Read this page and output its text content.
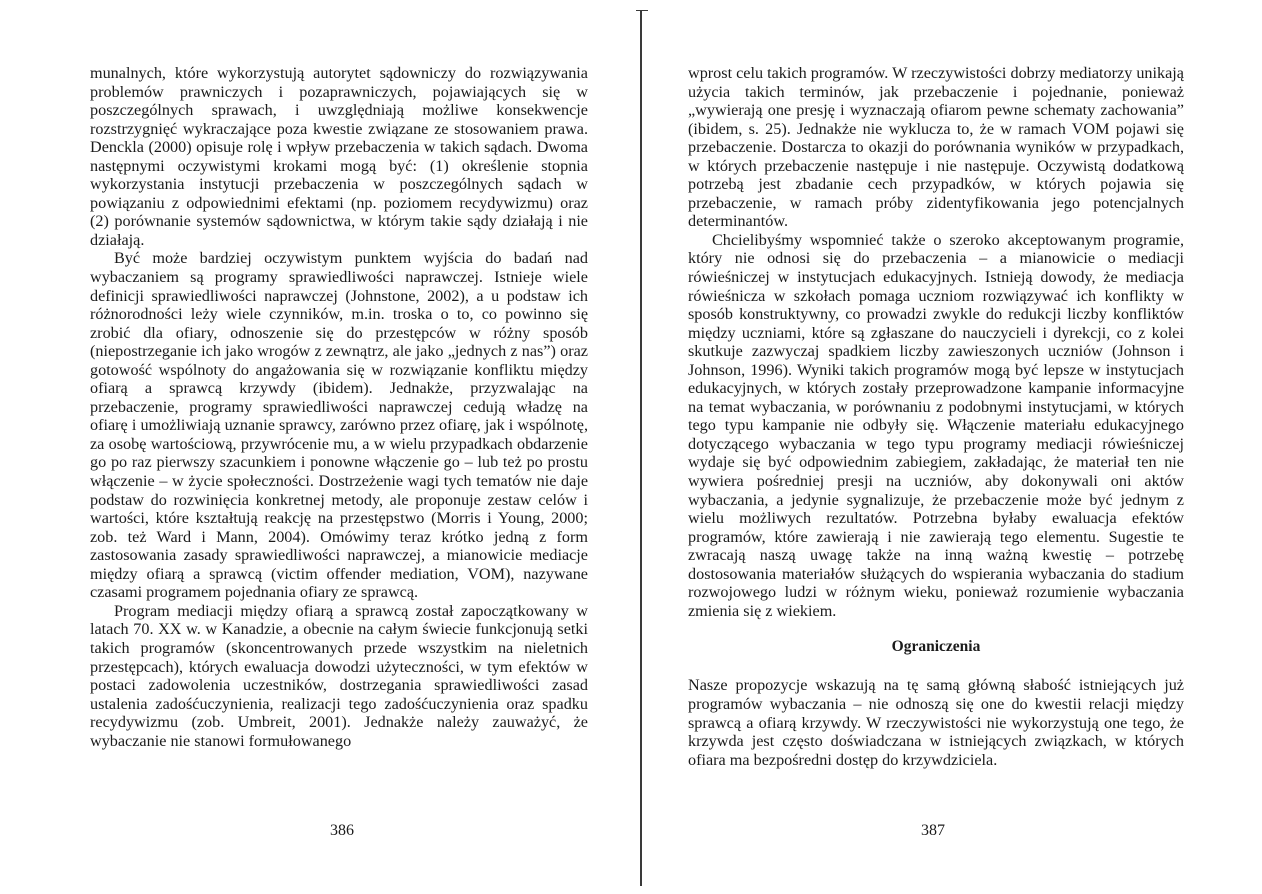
munalnych, które wykorzystują autorytet sądowniczy do rozwiązywania problemów prawniczych i pozaprawniczych, pojawiających się w poszczególnych sprawach, i uwzględniają możliwe konsekwencje rozstrzygnięć wykraczające poza kwestie związane ze stosowaniem prawa. Denckla (2000) opisuje rolę i wpływ przebaczenia w takich sądach. Dwoma następnymi oczywistymi krokami mogą być: (1) określenie stopnia wykorzystania instytucji przebaczenia w poszczególnych sądach w powiązaniu z odpowiednimi efektami (np. poziomem recydywizmu) oraz (2) porównanie systemów sądownictwa, w którym takie sądy działają i nie działają.

Być może bardziej oczywistym punktem wyjścia do badań nad wybaczaniem są programy sprawiedliwości naprawczej. Istnieje wiele definicji sprawiedliwości naprawczej (Johnstone, 2002), a u podstaw ich różnorodności leży wiele czynników, m.in. troska o to, co powinno się zrobić dla ofiary, odnoszenie się do przestępców w różny sposób (niepostrzeganie ich jako wrogów z zewnątrz, ale jako „jednych z nas”) oraz gotowość wspólnoty do angażowania się w rozwiązanie konfliktu między ofiarą a sprawcą krzywdy (ibidem). Jednakże, przyzwalając na przebaczenie, programy sprawiedliwości naprawczej cedują władzę na ofiarę i umożliwiają uznanie sprawcy, zarówno przez ofiarę, jak i wspólnotę, za osobę wartościową, przywrócenie mu, a w wielu przypadkach obdarzenie go po raz pierwszy szacunkiem i ponowne włączenie go – lub też po prostu włączenie – w życie społeczności. Dostrzeżenie wagi tych tematów nie daje podstaw do rozwinięcia konkretnej metody, ale proponuje zestaw celów i wartości, które kształtują reakcję na przestępstwo (Morris i Young, 2000; zob. też Ward i Mann, 2004). Omówimy teraz krótko jedną z form zastosowania zasady sprawiedliwości naprawczej, a mianowicie mediacje między ofiarą a sprawcą (victim offender mediation, VOM), nazywane czasami programem pojednania ofiary ze sprawcą.

Program mediacji między ofiarą a sprawcą został zapoczątkowany w latach 70. XX w. w Kanadzie, a obecnie na całym świecie funkcjonują setki takich programów (skoncentrowanych przede wszystkim na nieletnich przestępcach), których ewaluacja dowodzi użyteczności, w tym efektów w postaci zadowolenia uczestników, dostrzegania sprawiedliwości zasad ustalenia zadośćuczynienia, realizacji tego zadośćuczynienia oraz spadku recydywizmu (zob. Umbreit, 2001). Jednakże należy zauważyć, że wybaczanie nie stanowi formułowanego

wprost celu takich programów. W rzeczywistości dobrzy mediatorzy unikają użycia takich terminów, jak przebaczenie i pojednanie, ponieważ „wywierają one presję i wyznaczają ofiarom pewne schematy zachowania” (ibidem, s. 25). Jednakże nie wyklucza to, że w ramach VOM pojawi się przebaczenie. Dostarcza to okazji do porównania wyników w przypadkach, w których przebaczenie następuje i nie następuje. Oczywistą dodatkową potrzebą jest zbadanie cech przypadków, w których pojawia się przebaczenie, w ramach próby zidentyfikowania jego potencjalnych determinantów.

Chcielibyśmy wspomnieć także o szeroko akceptowanym programie, który nie odnosi się do przebaczenia – a mianowicie o mediacji rówieśniczej w instytucjach edukacyjnych. Istnieją dowody, że mediacja rówieśnicza w szkołach pomaga uczniom rozwiązywać ich konflikty w sposób konstruktywny, co prowadzi zwykle do redukcji liczby konfliktów między uczniami, które są zgłaszane do nauczycieli i dyrekcji, co z kolei skutkuje zazwyczaj spadkiem liczby zawieszonych uczniów (Johnson i Johnson, 1996). Wyniki takich programów mogą być lepsze w instytucjach edukacyjnych, w których zostały przeprowadzone kampanie informacyjne na temat wybaczania, w porównaniu z podobnymi instytucjami, w których tego typu kampanie nie odbyły się. Włączenie materiału edukacyjnego dotyczącego wybaczania w tego typu programy mediacji rówieśniczej wydaje się być odpowiednim zabiegiem, zakładając, że materiał ten nie wywiera pośredniej presji na uczniów, aby dokonywali oni aktów wybaczania, a jedynie sygnalizuje, że przebaczenie może być jednym z wielu możliwych rezultatów. Potrzebna byłaby ewaluacja efektów programów, które zawierają i nie zawierają tego elementu. Sugestie te zwracają naszą uwagę także na inną ważną kwestię – potrzebę dostosowania materiałów służących do wspierania wybaczania do stadium rozwojowego ludzi w różnym wieku, ponieważ rozumienie wybaczania zmienia się z wiekiem.

Ograniczenia

Nasze propozycje wskazują na tę samą główną słabość istniejących już programów wybaczania – nie odnoszą się one do kwestii relacji między sprawcą a ofiarą krzywdy. W rzeczywistości nie wykorzystują one tego, że krzywda jest często doświadczana w istniejących związkach, w których ofiara ma bezpośredni dostęp do krzywdziciela.

386	387
